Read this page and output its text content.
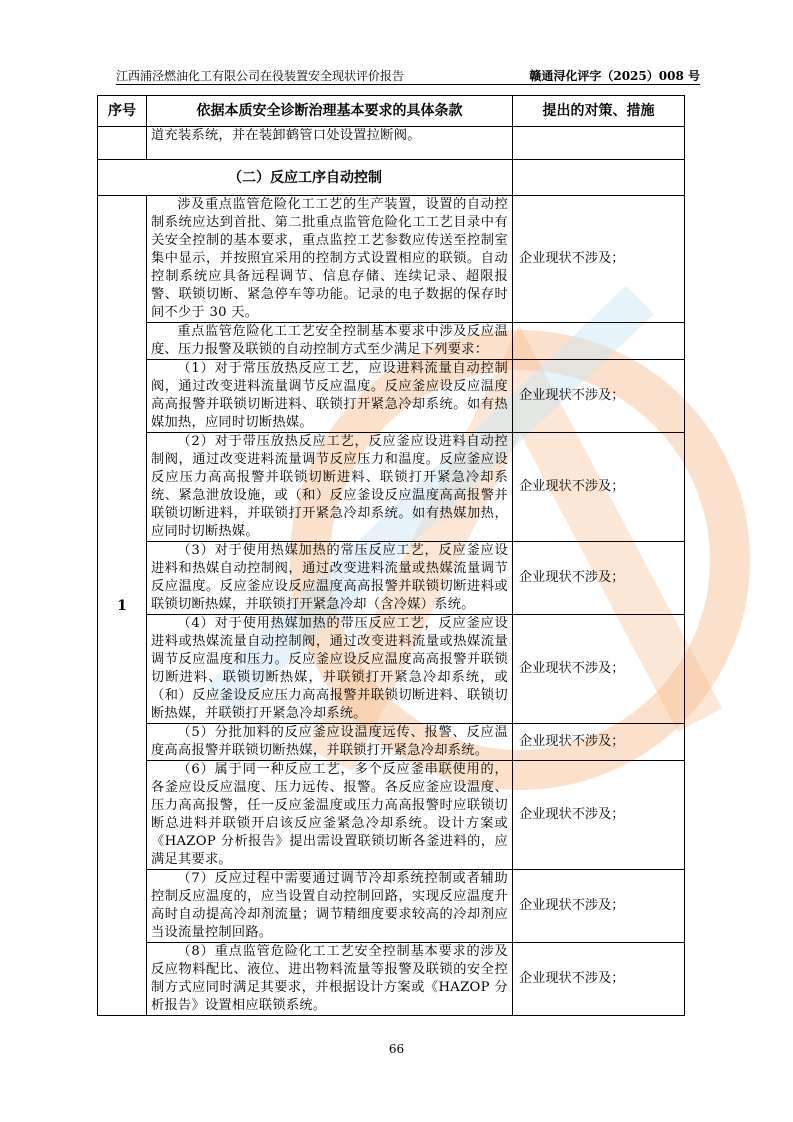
江西浦泾燃油化工有限公司在役装置安全现状评价报告	赣通浔化评字（2025）008 号
序号	依据本质安全诊断治理基本要求的具体条款	提出的对策、措施
	道充装系统，并在装卸鹤管口处设置拉断阀。	
（二）反应工序自动控制		
1	涉及重点监管危险化工工艺的生产装置，设置的自动控制系统应达到首批、第二批重点监管危险化工工艺目录中有关安全控制的基本要求，重点监控工艺参数应传送至控制室集中显示，并按照宜采用的控制方式设置相应的联锁。自动控制系统应具备远程调节、信息存储、连续记录、超限报警、联锁切断、紧急停车等功能。记录的电子数据的保存时间不少于 30 天。	企业现状不涉及；
	重点监管危险化工工艺安全控制基本要求中涉及反应温度、压力报警及联锁的自动控制方式至少满足下列要求：	
	（1）对于常压放热反应工艺，应设进料流量自动控制阀，通过改变进料流量调节反应温度。反应釜应设反应温度高高报警并联锁切断进料、联锁打开紧急冷却系统。如有热媒加热，应同时切断热媒。	企业现状不涉及；
	（2）对于带压放热反应工艺，反应釜应设进料自动控制阀，通过改变进料流量调节反应压力和温度。反应釜应设反应压力高高报警并联锁切断进料、联锁打开紧急冷却系统、紧急泄放设施，或（和）反应釜设反应温度高高报警并联锁切断进料，并联锁打开紧急冷却系统。如有热媒加热，应同时切断热媒。	企业现状不涉及；
	（3）对于使用热媒加热的常压反应工艺，反应釜应设进料和热媒自动控制阀，通过改变进料流量或热媒流量调节反应温度。反应釜应设反应温度高高报警并联锁切断进料或联锁切断热媒，并联锁打开紧急冷却（含冷媒）系统。	企业现状不涉及；
	（4）对于使用热媒加热的带压反应工艺，反应釜应设进料或热媒流量自动控制阀，通过改变进料流量或热媒流量调节反应温度和压力。反应釜应设反应温度高高报警并联锁切断进料、联锁切断热媒，并联锁打开紧急冷却系统，或（和）反应釜设反应压力高高报警并联锁切断进料、联锁切断热媒，并联锁打开紧急冷却系统。	企业现状不涉及；
	（5）分批加料的反应釜应设温度远传、报警、反应温度高高报警并联锁切断热媒，并联锁打开紧急冷却系统。	企业现状不涉及；
	（6）属于同一种反应工艺，多个反应釜串联使用的，各釜应设反应温度、压力远传、报警。各反应釜应设温度、压力高高报警，任一反应釜温度或压力高高报警时应联锁切断总进料并联锁开启该反应釜紧急冷却系统。设计方案或《HAZOP 分析报告》提出需设置联锁切断各釜进料的，应满足其要求。	企业现状不涉及；
	（7）反应过程中需要通过调节冷却系统控制或者辅助控制反应温度的，应当设置自动控制回路，实现反应温度升高时自动提高冷却剂流量；调节精细度要求较高的冷却剂应当设流量控制回路。	企业现状不涉及；
	（8）重点监管危险化工工艺安全控制基本要求的涉及反应物料配比、液位、进出物料流量等报警及联锁的安全控制方式应同时满足其要求，并根据设计方案或《HAZOP 分析报告》设置相应联锁系统。	企业现状不涉及；
66
